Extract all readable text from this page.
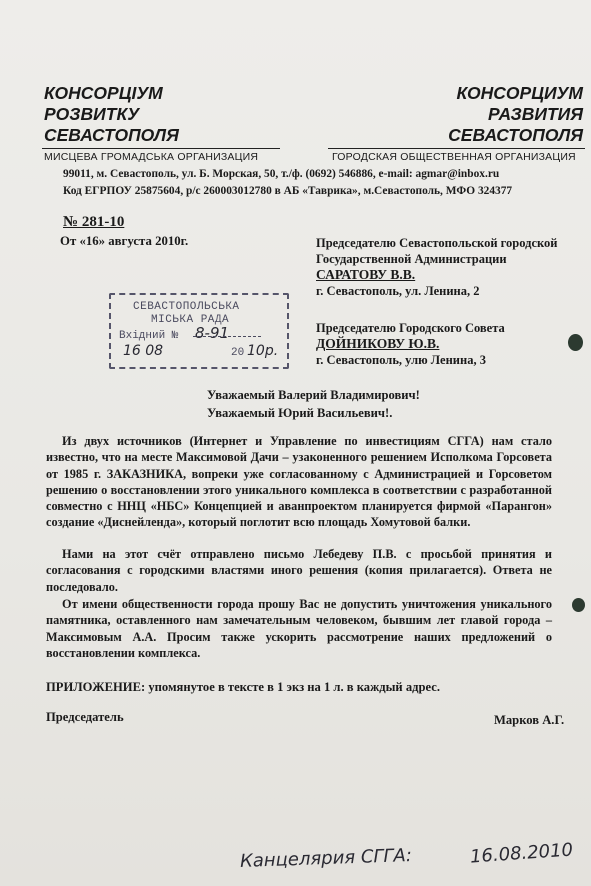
КОНСОРЦІУМ
РОЗВИТКУ
СЕВАСТОПОЛЯ
МИСЦЕВА ГРОМАДСЬКА ОРГАНИЗАЦИЯ
КОНСОРЦИУМ
РАЗВИТИЯ
СЕВАСТОПОЛЯ
ГОРОДСКАЯ ОБЩЕСТВЕННАЯ ОРГАНИЗАЦИЯ
99011, м. Севастополь, ул. Б. Морская, 50, т./ф. (0692) 546886, e-mail: agmar@inbox.ru
Код ЕГРПОУ 25875604, р/с 260003012780 в АБ «Таврика», м.Севастополь, МФО 324377
№ 281-10
От «16» августа 2010г.	Председателю Севастопольской городской
Государственной Администрации
САРАТОВУ В.В.
г. Севастополь, ул. Ленина, 2
Председателю Городского Совета
ДОЙНИКОВУ Ю.В.
г. Севастополь, улю Ленина, 3
СЕВАСТОПОЛЬСЬКА
МІСЬКА РАДА
Вхідний № 8-91
16 08	20 10р.
Уважаемый Валерий Владимирович!
Уважаемый Юрий Васильевич!.
Из двух источников (Интернет и Управление по инвестициям СГГА) нам стало известно, что на месте Максимовой Дачи – узаконенного решением Исполкома Горсовета от 1985 г. ЗАКАЗНИКА, вопреки уже согласованному с Администрацией и Горсоветом решению о восстановлении этого уникального комплекса в соответствии с разработанной совместно с ННЦ «НБС» Концепцией и аванпроектом планируется фирмой «Парангон» создание «Диснейленда», который поглотит всю площадь Хомутовой балки.
Нами на этот счёт отправлено письмо Лебедеву П.В. с просьбой принятия и согласования с городскими властями иного решения (копия прилагается). Ответа не последовало.
От имени общественности города прошу Вас не допустить уничтожения уникального памятника, оставленного нам замечательным человеком, бывшим лет главой города – Максимовым А.А. Просим также ускорить рассмотрение наших предложений о восстановлении комплекса.
ПРИЛОЖЕНИЕ: упомянутое в тексте в 1 экз на 1 л. в каждый адрес.
Председатель	Марков А.Г.
Канцелярия СГГА:	16.08.2010
